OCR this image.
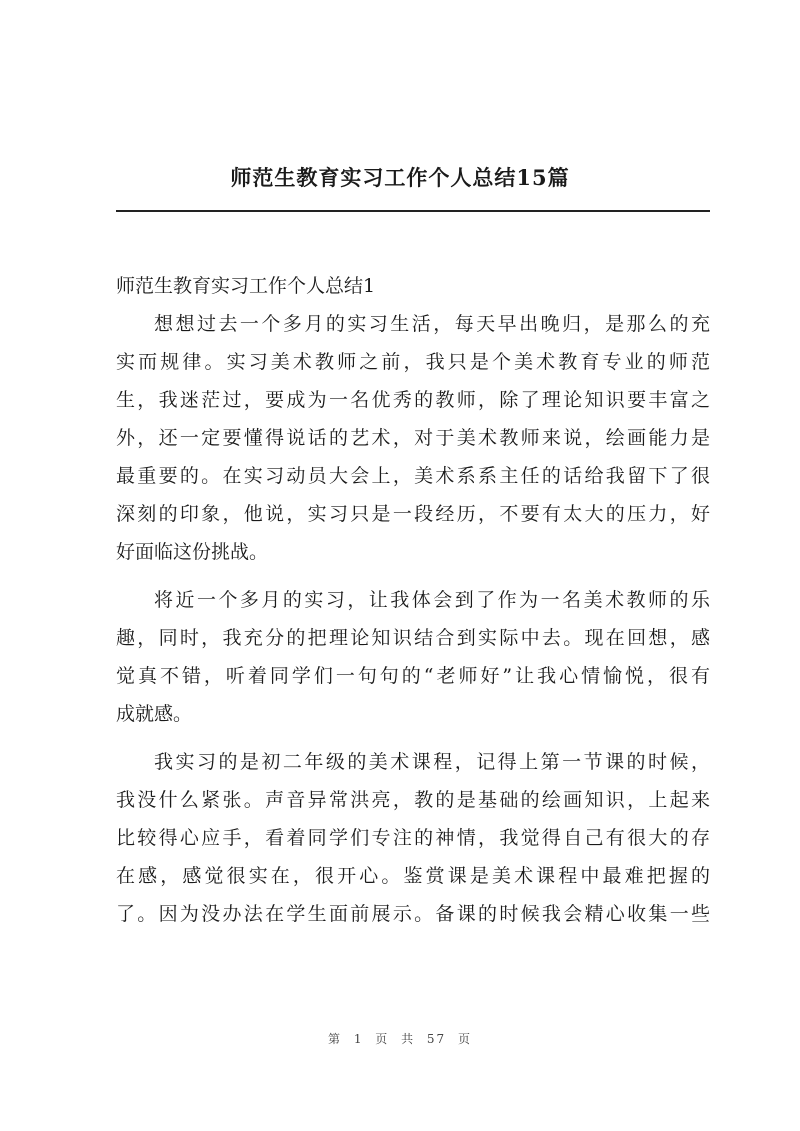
师范生教育实习工作个人总结15篇
师范生教育实习工作个人总结1
想想过去一个多月的实习生活，每天早出晚归，是那么的充
实而规律。实习美术教师之前，我只是个美术教育专业的师范
生，我迷茫过，要成为一名优秀的教师，除了理论知识要丰富之
外，还一定要懂得说话的艺术，对于美术教师来说，绘画能力是
最重要的。在实习动员大会上，美术系系主任的话给我留下了很
深刻的印象，他说，实习只是一段经历，不要有太大的压力，好
好面临这份挑战。
将近一个多月的实习，让我体会到了作为一名美术教师的乐
趣，同时，我充分的把理论知识结合到实际中去。现在回想，感
觉真不错，听着同学们一句句的“老师好”让我心情愉悦，很有
成就感。
我实习的是初二年级的美术课程，记得上第一节课的时候，
我没什么紧张。声音异常洪亮，教的是基础的绘画知识，上起来
比较得心应手，看着同学们专注的神情，我觉得自己有很大的存
在感，感觉很实在，很开心。鉴赏课是美术课程中最难把握的
了。因为没办法在学生面前展示。备课的时候我会精心收集一些
第 1 页 共 57 页
